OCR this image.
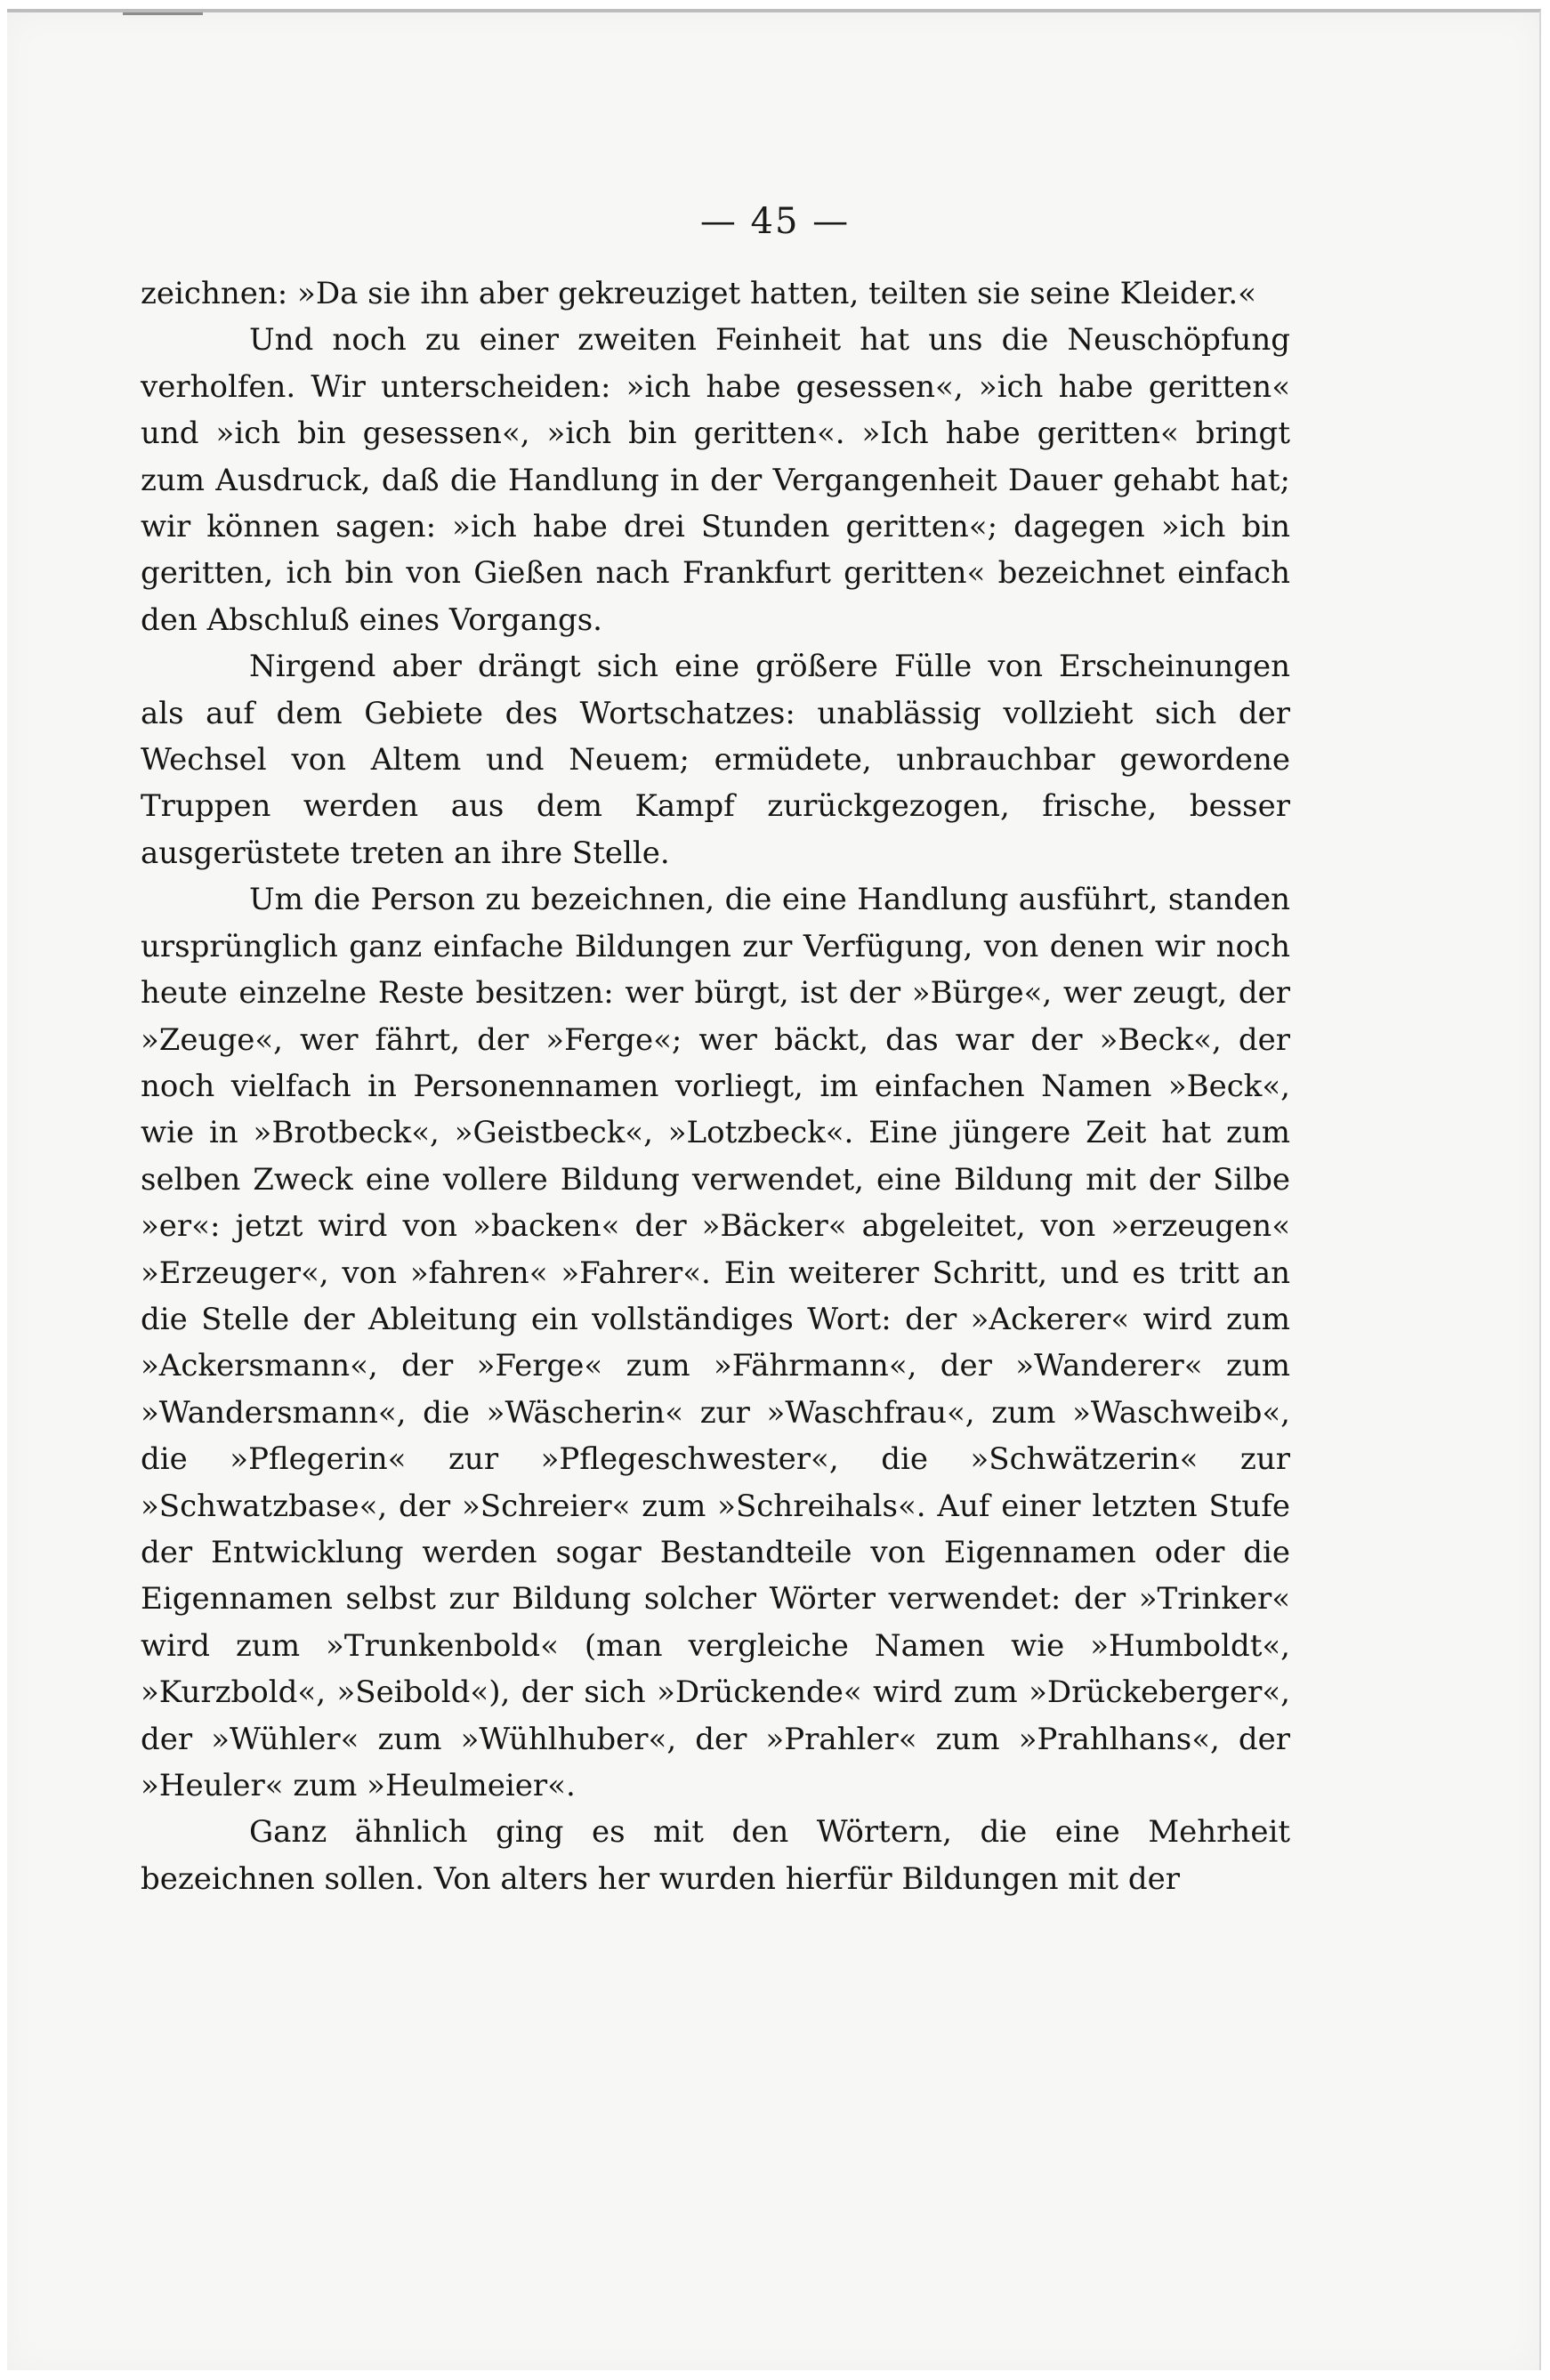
— 45 —

zeichnen: »Da sie ihn aber gekreuziget hatten, teilten sie seine Kleider.«

Und noch zu einer zweiten Feinheit hat uns die Neuschöpfung verholfen. Wir unterscheiden: »ich habe gesessen«, »ich habe geritten« und »ich bin gesessen«, »ich bin geritten«. »Ich habe geritten« bringt zum Ausdruck, daß die Handlung in der Vergangenheit Dauer gehabt hat; wir können sagen: »ich habe drei Stunden geritten«; dagegen »ich bin geritten, ich bin von Gießen nach Frankfurt geritten« bezeichnet einfach den Abschluß eines Vorgangs.

Nirgend aber drängt sich eine größere Fülle von Erscheinungen als auf dem Gebiete des Wortschatzes: unablässig vollzieht sich der Wechsel von Altem und Neuem; ermüdete, unbrauchbar gewordene Truppen werden aus dem Kampf zurückgezogen, frische, besser ausgerüstete treten an ihre Stelle.

Um die Person zu bezeichnen, die eine Handlung ausführt, standen ursprünglich ganz einfache Bildungen zur Verfügung, von denen wir noch heute einzelne Reste besitzen: wer bürgt, ist der »Bürge«, wer zeugt, der »Zeuge«, wer fährt, der »Ferge«; wer bäckt, das war der »Beck«, der noch vielfach in Personennamen vorliegt, im einfachen Namen »Beck«, wie in »Brotbeck«, »Geistbeck«, »Lotzbeck«. Eine jüngere Zeit hat zum selben Zweck eine vollere Bildung verwendet, eine Bildung mit der Silbe »er«: jetzt wird von »backen« der »Bäcker« abgeleitet, von »erzeugen« »Erzeuger«, von »fahren« »Fahrer«. Ein weiterer Schritt, und es tritt an die Stelle der Ableitung ein vollständiges Wort: der »Ackerer« wird zum »Ackersmann«, der »Ferge« zum »Fährmann«, der »Wanderer« zum »Wandersmann«, die »Wäscherin« zur »Waschfrau«, zum »Waschweib«, die »Pflegerin« zur »Pflegeschwester«, die »Schwätzerin« zur »Schwatzbase«, der »Schreier« zum »Schreihals«. Auf einer letzten Stufe der Entwicklung werden sogar Bestandteile von Eigennamen oder die Eigennamen selbst zur Bildung solcher Wörter verwendet: der »Trinker« wird zum »Trunkenbold« (man vergleiche Namen wie »Humboldt«, »Kurzbold«, »Seibold«), der sich »Drückende« wird zum »Drückeberger«, der »Wühler« zum »Wühlhuber«, der »Prahler« zum »Prahlhans«, der »Heuler« zum »Heulmeier«.

Ganz ähnlich ging es mit den Wörtern, die eine Mehrheit bezeichnen sollen. Von alters her wurden hierfür Bildungen mit der
